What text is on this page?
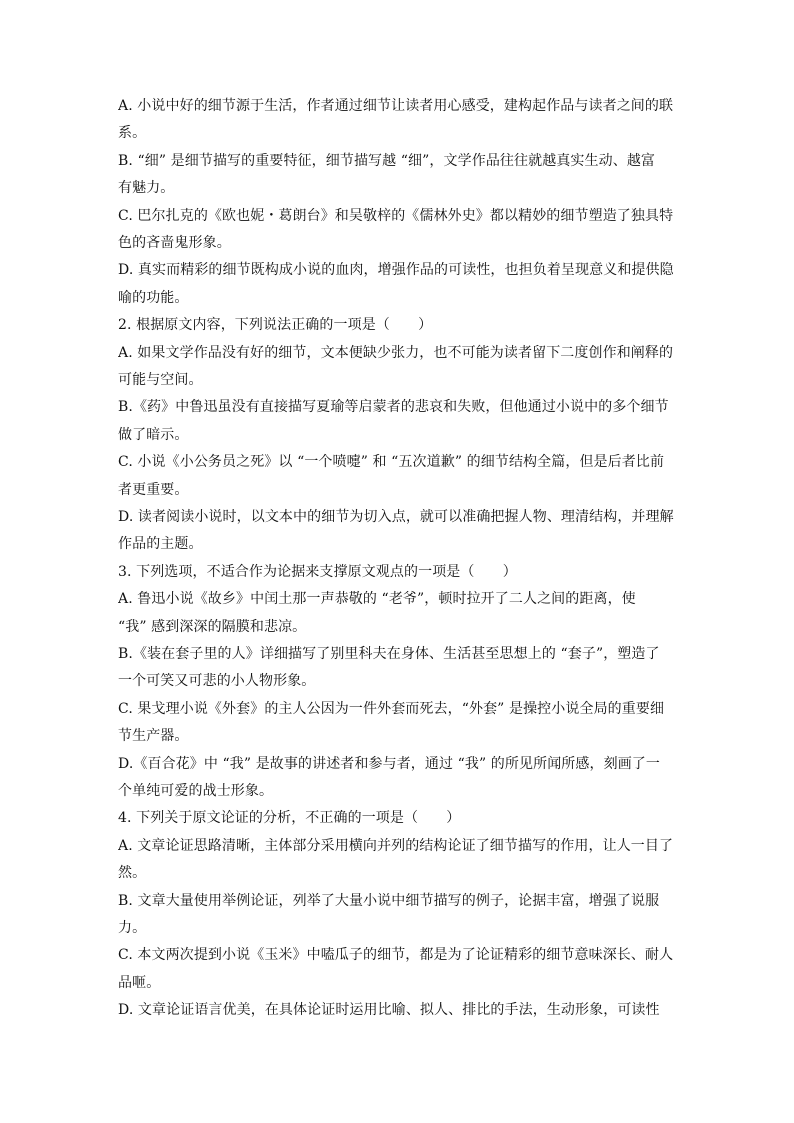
A. 小说中好的细节源于生活，作者通过细节让读者用心感受，建构起作品与读者之间的联
系。
B. “细” 是细节描写的重要特征，细节描写越 “细”，文学作品往往就越真实生动、越富
有魅力。
C. 巴尔扎克的《欧也妮・葛朗台》和吴敬梓的《儒林外史》都以精妙的细节塑造了独具特
色的吝啬鬼形象。
D. 真实而精彩的细节既构成小说的血肉，增强作品的可读性，也担负着呈现意义和提供隐
喻的功能。
2. 根据原文内容，下列说法正确的一项是（　　）
A. 如果文学作品没有好的细节，文本便缺少张力，也不可能为读者留下二度创作和阐释的
可能与空间。
B.《药》中鲁迅虽没有直接描写夏瑜等启蒙者的悲哀和失败，但他通过小说中的多个细节
做了暗示。
C. 小说《小公务员之死》以 “一个喷嚏” 和 “五次道歉” 的细节结构全篇，但是后者比前
者更重要。
D. 读者阅读小说时，以文本中的细节为切入点，就可以准确把握人物、理清结构，并理解
作品的主题。
3. 下列选项，不适合作为论据来支撑原文观点的一项是（　　）
A. 鲁迅小说《故乡》中闰土那一声恭敬的 “老爷”，顿时拉开了二人之间的距离，使
“我” 感到深深的隔膜和悲凉。
B.《装在套子里的人》详细描写了别里科夫在身体、生活甚至思想上的 “套子”，塑造了
一个可笑又可悲的小人物形象。
C. 果戈理小说《外套》的主人公因为一件外套而死去，“外套” 是操控小说全局的重要细
节生产器。
D.《百合花》中 “我” 是故事的讲述者和参与者，通过 “我” 的所见所闻所感，刻画了一
个单纯可爱的战士形象。
4. 下列关于原文论证的分析，不正确的一项是（　　）
A. 文章论证思路清晰，主体部分采用横向并列的结构论证了细节描写的作用，让人一目了
然。
B. 文章大量使用举例论证，列举了大量小说中细节描写的例子，论据丰富，增强了说服
力。
C. 本文两次提到小说《玉米》中嗑瓜子的细节，都是为了论证精彩的细节意味深长、耐人
品咂。
D. 文章论证语言优美，在具体论证时运用比喻、拟人、排比的手法，生动形象，可读性
